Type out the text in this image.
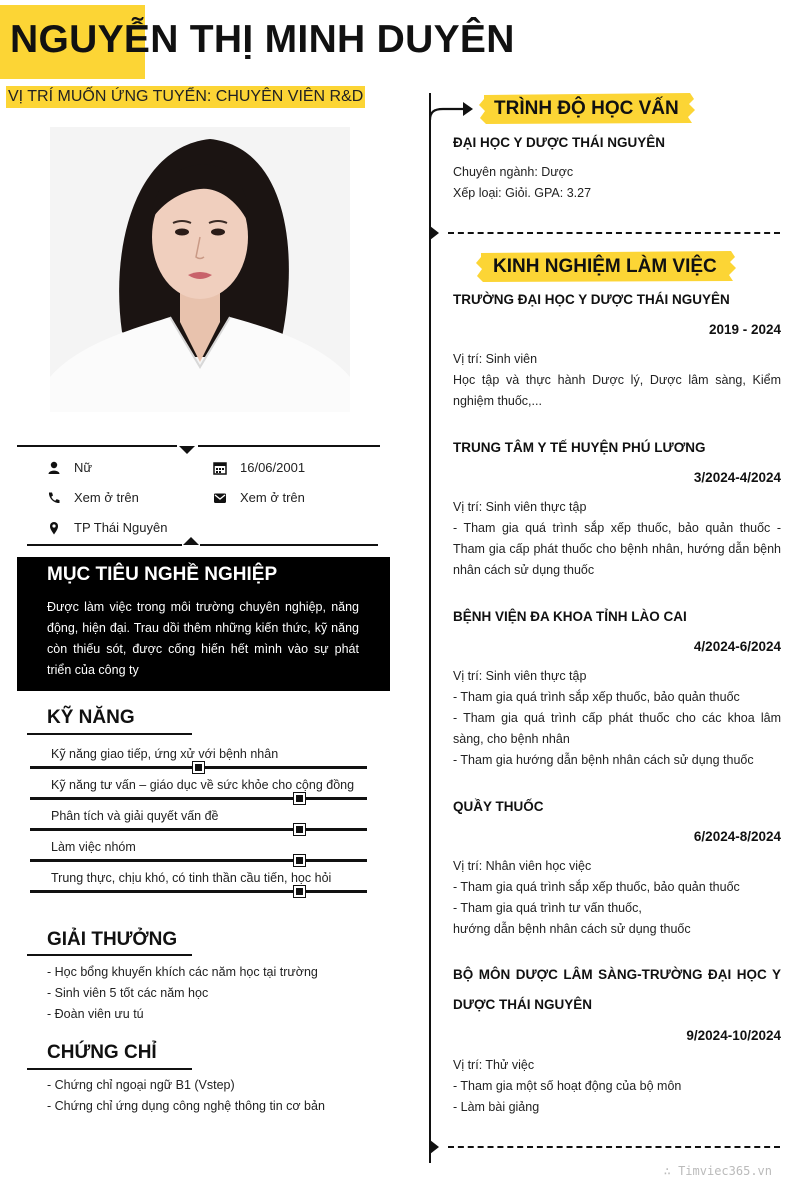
NGUYỄN THỊ MINH DUYÊN
VỊ TRÍ MUỐN ỨNG TUYỂN: CHUYÊN VIÊN R&D
Nữ	16/06/2001
Xem ở trên	Xem ở trên
TP Thái Nguyên
MỤC TIÊU NGHỀ NGHIỆP

Được làm việc trong môi trường chuyên nghiệp, năng động, hiện đại. Trau dồi thêm những kiến thức, kỹ năng còn thiếu sót, được cống hiến hết mình vào sự phát triển của công ty

KỸ NĂNG
Kỹ năng giao tiếp, ứng xử với bệnh nhân
Kỹ năng tư vấn – giáo dục về sức khỏe cho cộng đồng
Phân tích và giải quyết vấn đề
Làm việc nhóm
Trung thực, chịu khó, có tinh thần cầu tiến, học hỏi
GIẢI THƯỞNG
- Học bổng khuyến khích các năm học tại trường
- Sinh viên 5 tốt các năm học
- Đoàn viên ưu tú
CHỨNG CHỈ
- Chứng chỉ ngoại ngữ B1 (Vstep)
- Chứng chỉ ứng dụng công nghệ thông tin cơ bản
TRÌNH ĐỘ HỌC VẤN
ĐẠI HỌC Y DƯỢC THÁI NGUYÊN
Chuyên ngành: Dược
Xếp loại: Giỏi. GPA: 3.27
KINH NGHIỆM LÀM VIỆC
TRƯỜNG ĐẠI HỌC Y DƯỢC THÁI NGUYÊN
2019 - 2024
Vị trí: Sinh viên
Học tập và thực hành Dược lý, Dược lâm sàng, Kiểm nghiệm thuốc,...
TRUNG TÂM Y TẾ HUYỆN PHÚ LƯƠNG
3/2024-4/2024
Vị trí: Sinh viên thực tập
- Tham gia quá trình sắp xếp thuốc, bảo quản thuốc - Tham gia cấp phát thuốc cho bệnh nhân, hướng dẫn bệnh nhân cách sử dụng thuốc
BỆNH VIỆN ĐA KHOA TỈNH LÀO CAI
4/2024-6/2024
Vị trí: Sinh viên thực tập
- Tham gia quá trình sắp xếp thuốc, bảo quản thuốc
- Tham gia quá trình cấp phát thuốc cho các khoa lâm sàng, cho bệnh nhân
- Tham gia hướng dẫn bệnh nhân cách sử dụng thuốc
QUẦY THUỐC
6/2024-8/2024
Vị trí: Nhân viên học việc
- Tham gia quá trình sắp xếp thuốc, bảo quản thuốc
- Tham gia quá trình tư vấn thuốc,
hướng dẫn bệnh nhân cách sử dụng thuốc
BỘ MÔN DƯỢC LÂM SÀNG-TRƯỜNG ĐẠI HỌC Y DƯỢC THÁI NGUYÊN
9/2024-10/2024
Vị trí: Thử việc
- Tham gia một số hoạt động của bộ môn
- Làm bài giảng
∴ Timviec365.vn
